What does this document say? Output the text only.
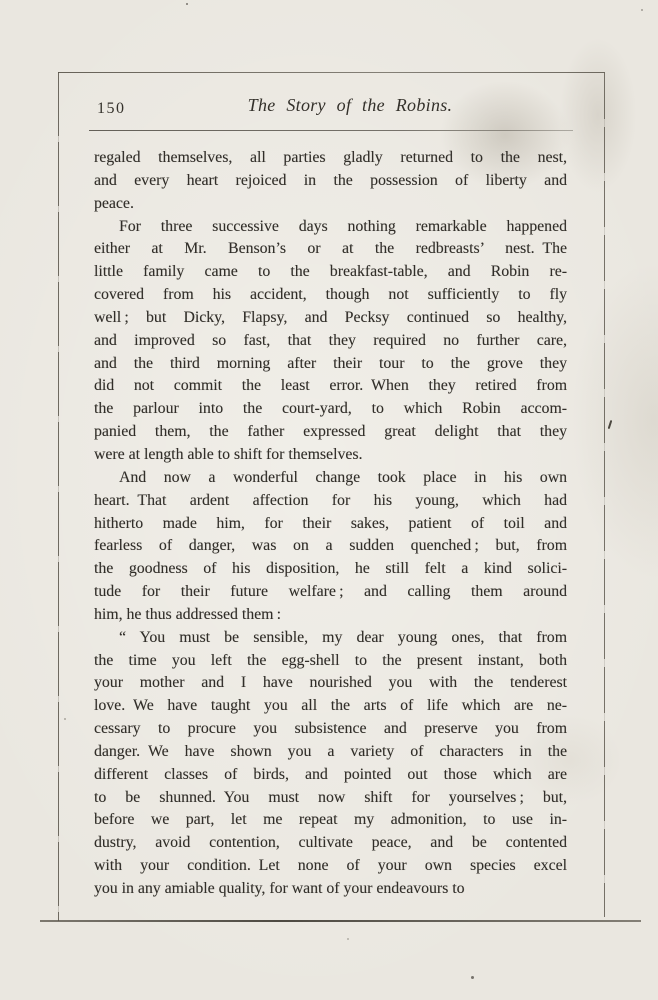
150	The Story of the Robins.
regaled themselves, all parties gladly returned to the nest,
and every heart rejoiced in the possession of liberty and
peace.
For three successive days nothing remarkable happened
either at Mr. Benson’s or at the redbreasts’ nest. The
little family came to the breakfast-table, and Robin re-
covered from his accident, though not sufficiently to fly
well ; but Dicky, Flapsy, and Pecksy continued so healthy,
and improved so fast, that they required no further care,
and the third morning after their tour to the grove they
did not commit the least error. When they retired from
the parlour into the court-yard, to which Robin accom-
panied them, the father expressed great delight that they
were at length able to shift for themselves.
And now a wonderful change took place in his own
heart. That ardent affection for his young, which had
hitherto made him, for their sakes, patient of toil and
fearless of danger, was on a sudden quenched ; but, from
the goodness of his disposition, he still felt a kind solici-
tude for their future welfare ; and calling them around
him, he thus addressed them :
“ You must be sensible, my dear young ones, that from
the time you left the egg-shell to the present instant, both
your mother and I have nourished you with the tenderest
love. We have taught you all the arts of life which are ne-
cessary to procure you subsistence and preserve you from
danger. We have shown you a variety of characters in the
different classes of birds, and pointed out those which are
to be shunned. You must now shift for yourselves ; but,
before we part, let me repeat my admonition, to use in-
dustry, avoid contention, cultivate peace, and be contented
with your condition. Let none of your own species excel
you in any amiable quality, for want of your endeavours to
